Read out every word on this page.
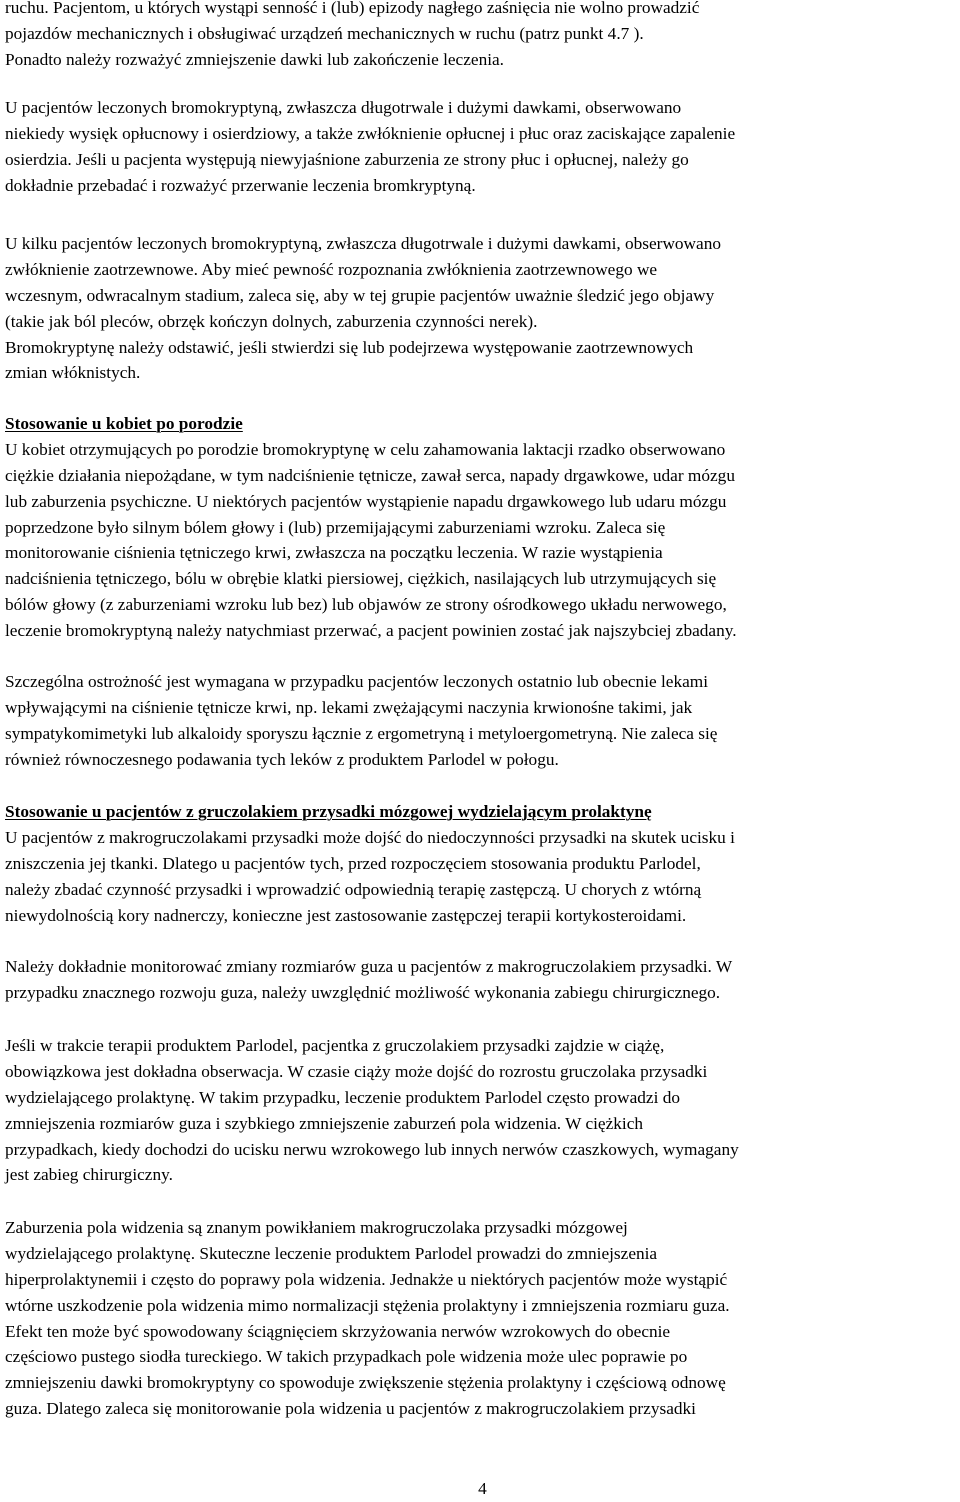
ruchu. Pacjentom, u których wystąpi senność i (lub) epizody nagłego zaśnięcia nie wolno prowadzić
pojazdów mechanicznych i obsługiwać urządzeń mechanicznych w ruchu (patrz punkt 4.7 ).
Ponadto należy rozważyć zmniejszenie dawki lub zakończenie leczenia.
U pacjentów leczonych bromokryptyną, zwłaszcza długotrwale i dużymi dawkami, obserwowano
niekiedy wysięk opłucnowy i osierdziowy, a także zwłóknienie opłucnej i płuc oraz zaciskające zapalenie
osierdzia. Jeśli u pacjenta występują niewyjaśnione zaburzenia ze strony płuc i opłucnej, należy go
dokładnie przebadać i rozważyć przerwanie leczenia bromkryptyną.
U kilku pacjentów leczonych bromokryptyną, zwłaszcza długotrwale i dużymi dawkami, obserwowano
zwłóknienie zaotrzewnowe. Aby mieć pewność rozpoznania zwłóknienia zaotrzewnowego we
wczesnym, odwracalnym stadium, zaleca się, aby w tej grupie pacjentów uważnie śledzić jego objawy
(takie jak ból pleców, obrzęk kończyn dolnych, zaburzenia czynności nerek).
Bromokryptynę należy odstawić, jeśli stwierdzi się lub podejrzewa występowanie zaotrzewnowych
zmian włóknistych.
Stosowanie u kobiet po porodzie
U kobiet otrzymujących po porodzie bromokryptynę w celu zahamowania laktacji rzadko obserwowano
ciężkie działania niepożądane, w tym nadciśnienie tętnicze, zawał serca, napady drgawkowe, udar mózgu
lub zaburzenia psychiczne. U niektórych pacjentów wystąpienie napadu drgawkowego lub udaru mózgu
poprzedzone było silnym bólem głowy i (lub) przemijającymi zaburzeniami wzroku. Zaleca się
monitorowanie ciśnienia tętniczego krwi, zwłaszcza na początku leczenia. W razie wystąpienia
nadciśnienia tętniczego, bólu w obrębie klatki piersiowej, ciężkich, nasilających lub utrzymujących się
bólów głowy (z zaburzeniami wzroku lub bez) lub objawów ze strony ośrodkowego układu nerwowego,
leczenie bromokryptyną należy natychmiast przerwać, a pacjent powinien zostać jak najszybciej zbadany.
Szczególna ostrożność jest wymagana w przypadku pacjentów leczonych ostatnio lub obecnie lekami
wpływającymi na ciśnienie tętnicze krwi, np. lekami zwężającymi naczynia krwionośne takimi, jak
sympatykomimetyki lub alkaloidy sporyszu łącznie z ergometryną i metyloergometryną. Nie zaleca się
również równoczesnego podawania tych leków z produktem Parlodel w połogu.
Stosowanie u pacjentów z gruczolakiem przysadki mózgowej wydzielającym prolaktynę
U pacjentów z makrogruczolakami przysadki może dojść do niedoczynności przysadki na skutek ucisku i
zniszczenia jej tkanki. Dlatego u pacjentów tych, przed rozpoczęciem stosowania produktu Parlodel,
należy zbadać czynność przysadki i wprowadzić odpowiednią terapię zastępczą. U chorych z wtórną
niewydolnością kory nadnerczy, konieczne jest zastosowanie zastępczej terapii kortykosteroidami.
Należy dokładnie monitorować zmiany rozmiarów guza u pacjentów z makrogruczolakiem przysadki. W
przypadku znacznego rozwoju guza, należy uwzględnić możliwość wykonania zabiegu chirurgicznego.
Jeśli w trakcie terapii produktem Parlodel, pacjentka z gruczolakiem przysadki zajdzie w ciążę,
obowiązkowa jest dokładna obserwacja. W czasie ciąży może dojść do rozrostu gruczolaka przysadki
wydzielającego prolaktynę. W takim przypadku, leczenie produktem Parlodel często prowadzi do
zmniejszenia rozmiarów guza i szybkiego zmniejszenie zaburzeń pola widzenia. W ciężkich
przypadkach, kiedy dochodzi do ucisku nerwu wzrokowego lub innych nerwów czaszkowych, wymagany
jest zabieg chirurgiczny.
Zaburzenia pola widzenia są znanym powikłaniem makrogruczolaka przysadki mózgowej
wydzielającego prolaktynę. Skuteczne leczenie produktem Parlodel prowadzi do zmniejszenia
hiperprolaktynemii i często do poprawy pola widzenia. Jednakże u niektórych pacjentów może wystąpić
wtórne uszkodzenie pola widzenia mimo normalizacji stężenia prolaktyny i zmniejszenia rozmiaru guza.
Efekt ten może być spowodowany ściągnięciem skrzyżowania nerwów wzrokowych do obecnie
częściowo pustego siodła tureckiego. W takich przypadkach pole widzenia może ulec poprawie po
zmniejszeniu dawki bromokryptyny co spowoduje zwiększenie stężenia prolaktyny i częściową odnowę
guza. Dlatego zaleca się monitorowanie pola widzenia u pacjentów z makrogruczolakiem przysadki
4
